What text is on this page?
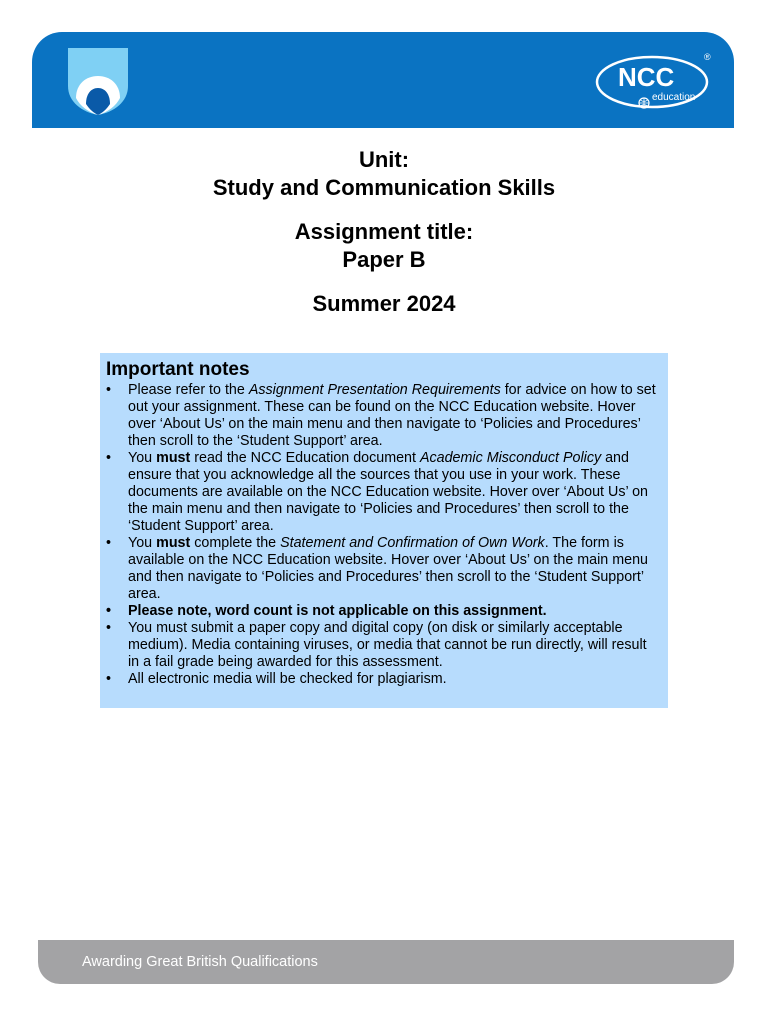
NCC
education
®
Unit:
Study and Communication Skills
Assignment title:
Paper B
Summer 2024
Important notes
• Please refer to the Assignment Presentation Requirements for advice on how to set out your assignment. These can be found on the NCC Education website. Hover over ‘About Us’ on the main menu and then navigate to ‘Policies and Procedures’ then scroll to the ‘Student Support’ area.
• You must read the NCC Education document Academic Misconduct Policy and ensure that you acknowledge all the sources that you use in your work. These documents are available on the NCC Education website. Hover over ‘About Us’ on the main menu and then navigate to ‘Policies and Procedures’ then scroll to the ‘Student Support’ area.
• You must complete the Statement and Confirmation of Own Work. The form is available on the NCC Education website. Hover over ‘About Us’ on the main menu and then navigate to ‘Policies and Procedures’ then scroll to the ‘Student Support’ area.
• Please note, word count is not applicable on this assignment.
• You must submit a paper copy and digital copy (on disk or similarly acceptable medium). Media containing viruses, or media that cannot be run directly, will result in a fail grade being awarded for this assessment.
• All electronic media will be checked for plagiarism.
Awarding Great British Qualifications
